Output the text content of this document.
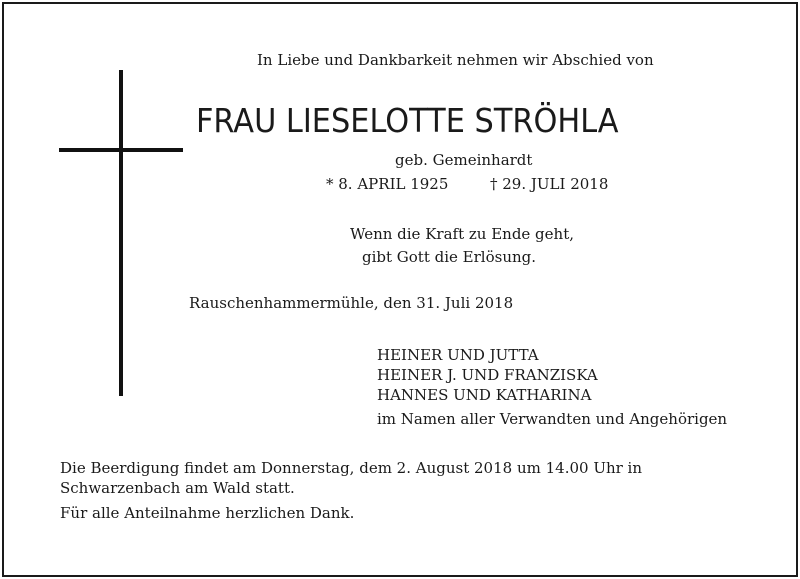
In Liebe und Dankbarkeit nehmen wir Abschied von
FRAU LIESELOTTE STRÖHLA
geb. Gemeinhardt
* 8. APRIL 1925	† 29. JULI 2018
Wenn die Kraft zu Ende geht,
gibt Gott die Erlösung.
Rauschenhammermühle, den 31. Juli 2018
HEINER UND JUTTA
HEINER J. UND FRANZISKA
HANNES UND KATHARINA
im Namen aller Verwandten und Angehörigen
Die Beerdigung findet am Donnerstag, dem 2. August 2018 um 14.00 Uhr in
Schwarzenbach am Wald statt.
Für alle Anteilnahme herzlichen Dank.
